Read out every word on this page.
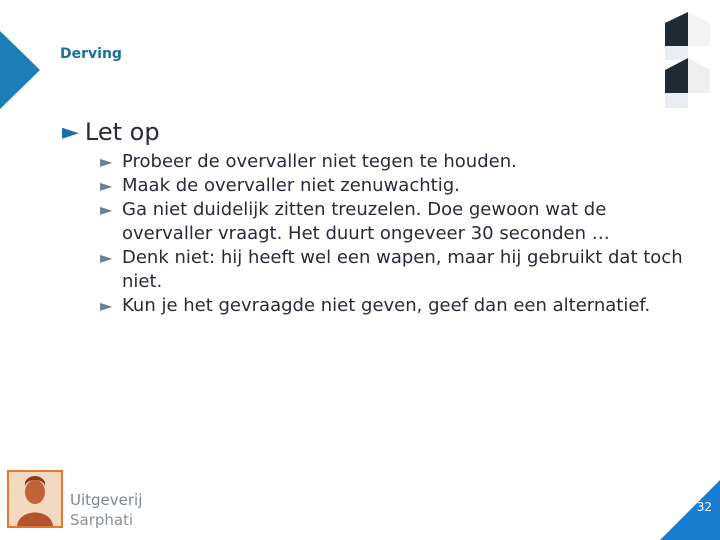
Derving
► Let op
► Probeer de overvaller niet tegen te houden.
► Maak de overvaller niet zenuwachtig.
► Ga niet duidelijk zitten treuzelen. Doe gewoon wat de overvaller vraagt. Het duurt ongeveer 30 seconden …
► Denk niet: hij heeft wel een wapen, maar hij gebruikt dat toch niet.
► Kun je het gevraagde niet geven, geef dan een alternatief.
Uitgeverij
Sarphati
32
